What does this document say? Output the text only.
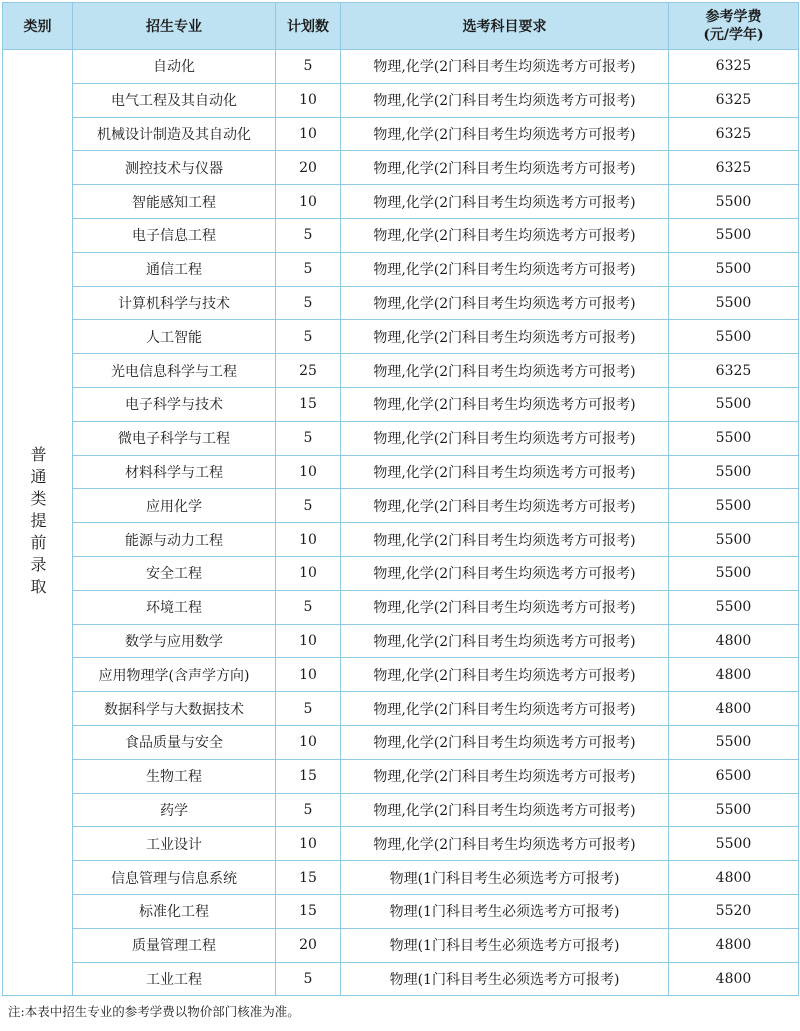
类别	招生专业	计划数	选考科目要求	参考学费
(元/学年)

普通类提前录取	自动化	5	物理,化学(2门科目考生均须选考方可报考)	6325
	电气工程及其自动化	10	物理,化学(2门科目考生均须选考方可报考)	6325
	机械设计制造及其自动化	10	物理,化学(2门科目考生均须选考方可报考)	6325
	测控技术与仪器	20	物理,化学(2门科目考生均须选考方可报考)	6325
	智能感知工程	10	物理,化学(2门科目考生均须选考方可报考)	5500
	电子信息工程	5	物理,化学(2门科目考生均须选考方可报考)	5500
	通信工程	5	物理,化学(2门科目考生均须选考方可报考)	5500
	计算机科学与技术	5	物理,化学(2门科目考生均须选考方可报考)	5500
	人工智能	5	物理,化学(2门科目考生均须选考方可报考)	5500
	光电信息科学与工程	25	物理,化学(2门科目考生均须选考方可报考)	6325
	电子科学与技术	15	物理,化学(2门科目考生均须选考方可报考)	5500
	微电子科学与工程	5	物理,化学(2门科目考生均须选考方可报考)	5500
	材料科学与工程	10	物理,化学(2门科目考生均须选考方可报考)	5500
	应用化学	5	物理,化学(2门科目考生均须选考方可报考)	5500
	能源与动力工程	10	物理,化学(2门科目考生均须选考方可报考)	5500
	安全工程	10	物理,化学(2门科目考生均须选考方可报考)	5500
	环境工程	5	物理,化学(2门科目考生均须选考方可报考)	5500
	数学与应用数学	10	物理,化学(2门科目考生均须选考方可报考)	4800
	应用物理学(含声学方向)	10	物理,化学(2门科目考生均须选考方可报考)	4800
	数据科学与大数据技术	5	物理,化学(2门科目考生均须选考方可报考)	4800
	食品质量与安全	10	物理,化学(2门科目考生均须选考方可报考)	5500
	生物工程	15	物理,化学(2门科目考生均须选考方可报考)	6500
	药学	5	物理,化学(2门科目考生均须选考方可报考)	5500
	工业设计	10	物理,化学(2门科目考生均须选考方可报考)	5500
	信息管理与信息系统	15	物理(1门科目考生必须选考方可报考)	4800
	标准化工程	15	物理(1门科目考生必须选考方可报考)	5520
	质量管理工程	20	物理(1门科目考生必须选考方可报考)	4800
	工业工程	5	物理(1门科目考生必须选考方可报考)	4800
注:本表中招生专业的参考学费以物价部门核准为准。
